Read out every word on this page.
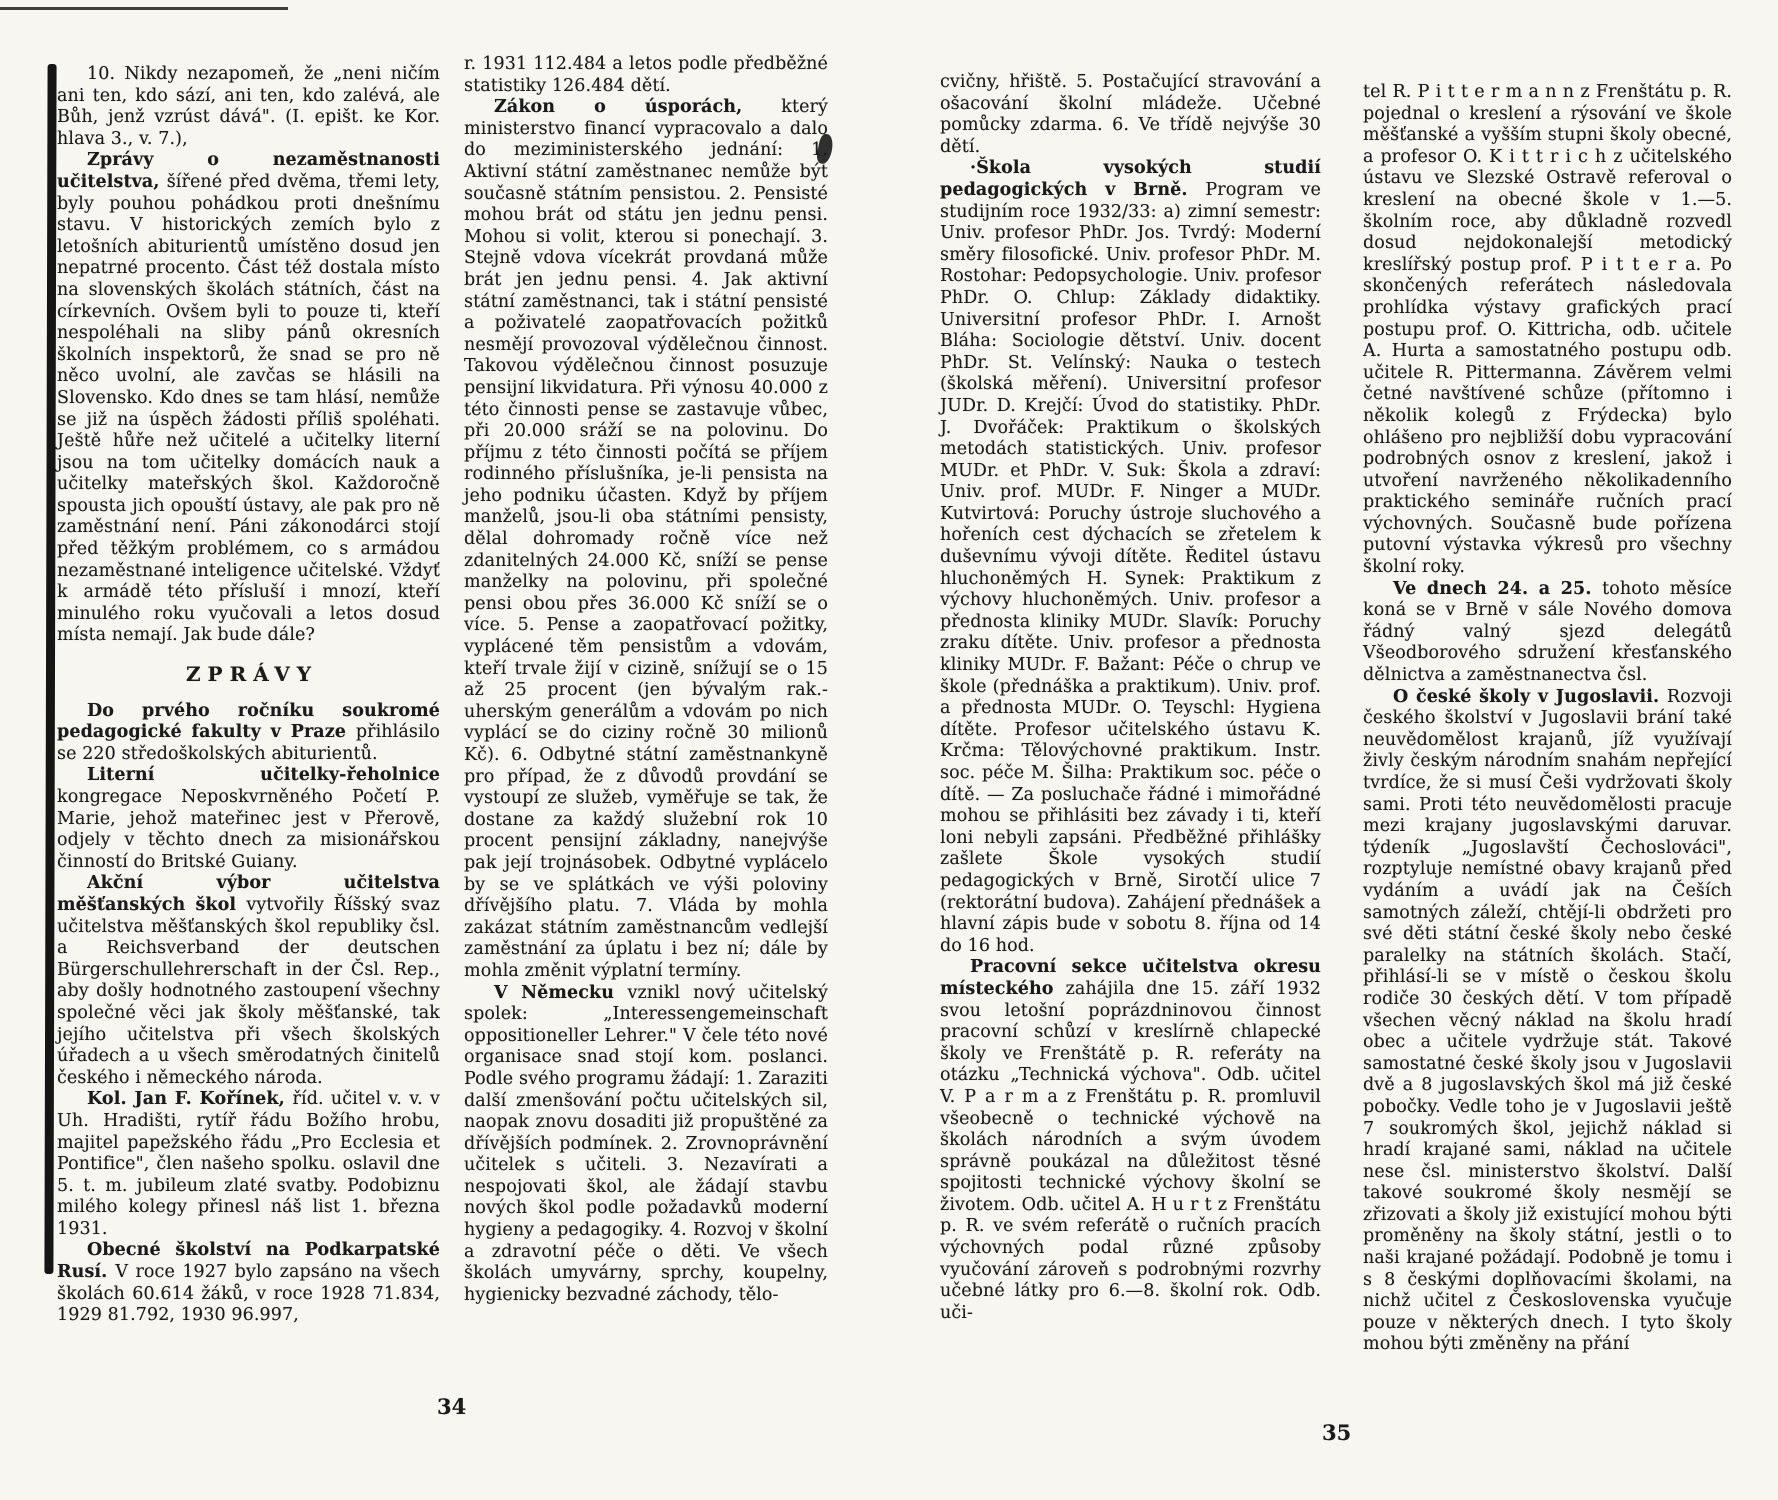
10. Nikdy nezapomeň, že „neni ničím ani ten, kdo sází, ani ten, kdo zalévá, ale Bůh, jenž vzrúst dává". (I. epišt. ke Kor. hlava 3., v. 7.),

Zprávy o nezaměstnanosti učitelstva, šířené před dvěma, třemi lety, byly pouhou pohádkou proti dnešnímu stavu. V historických zemích bylo z letošních abiturientů umístěno dosud jen nepatrné procento. Část též dostala místo na slovenských školách státních, část na církevních. Ovšem byli to pouze ti, kteří nespoléhali na sliby pánů okresních školních inspektorů, že snad se pro ně něco uvolní, ale zavčas se hlásili na Slovensko. Kdo dnes se tam hlásí, nemůže se již na úspěch žádosti příliš spoléhati. Ještě hůře než učitelé a učitelky literní jsou na tom učitelky domácích nauk a učitelky mateřských škol. Každoročně spousta jich opouští ústavy, ale pak pro ně zaměstnání není. Páni zákonodárci stojí před těžkým problémem, co s armádou nezaměstnané inteligence učitelské. Vždyť k armádě této přísluší i mnozí, kteří minulého roku vyučovali a letos dosud místa nemají. Jak bude dále?

ZPRÁVY

Do prvého ročníku soukromé pedagogické fakulty v Praze přihlásilo se 220 středoškolských abiturientů.

Literní učitelky-řeholnice kongregace Neposkvrněného Početí P. Marie, jehož mateřinec jest v Přerově, odjely v těchto dnech za misionářskou činností do Britské Guiany.

Akční výbor učitelstva měšťanských škol vytvořily Říšský svaz učitelstva měšťanských škol republiky čsl. a Reichsverband der deutschen Bürgerschullehrerschaft in der Čsl. Rep., aby došly hodnotného zastoupení všechny společné věci jak školy měšťanské, tak jejího učitelstva při všech školských úřadech a u všech směrodatných činitelů českého i německého národa.

Kol. Jan F. Kořínek, říd. učitel v. v. v Uh. Hradišti, rytíř řádu Božího hrobu, majitel papežského řádu „Pro Ecclesia et Pontifice", člen našeho spolku. oslavil dne 5. t. m. jubileum zlaté svatby. Podobiznu milého kolegy přinesl náš list 1. března 1931.

Obecné školství na Podkarpatské Rusí. V roce 1927 bylo zapsáno na všech školách 60.614 žáků, v roce 1928 71.834, 1929 81.792, 1930 96.997,

r. 1931 112.484 a letos podle předběžné statistiky 126.484 dětí.

Zákon o úsporách, který ministerstvo financí vypracovalo a dalo do meziministerského jednání: 1. Aktivní státní zaměstnanec nemůže být současně státním pensistou. 2. Pensisté mohou brát od státu jen jednu pensi. Mohou si volit, kterou si ponechají. 3. Stejně vdova vícekrát provdaná může brát jen jednu pensi. 4. Jak aktivní státní zaměstnanci, tak i státní pensisté a poživatelé zaopatřovacích požitků nesmějí provozoval výdělečnou činnost. Takovou výdělečnou činnost posuzuje pensijní likvidatura. Při výnosu 40.000 z této činnosti pense se zastavuje vůbec, při 20.000 sráží se na polovinu. Do příjmu z této činnosti počítá se příjem rodinného příslušníka, je-li pensista na jeho podniku účasten. Když by příjem manželů, jsou-li oba státními pensisty, dělal dohromady ročně více než zdanitelných 24.000 Kč, sníží se pense manželky na polovinu, při společné pensi obou přes 36.000 Kč sníží se o více. 5. Pense a zaopatřovací požitky, vyplácené těm pensistům a vdovám, kteří trvale žijí v cizině, snížují se o 15 až 25 procent (jen bývalým rak.-uherským generálům a vdovám po nich vyplácí se do ciziny ročně 30 milionů Kč). 6. Odbytné státní zaměstnankyně pro případ, že z důvodů provdání se vystoupí ze služeb, vyměřuje se tak, že dostane za každý služební rok 10 procent pensijní základny, nanejvýše pak její trojnásobek. Odbytné vyplácelo by se ve splátkách ve výši poloviny dřívějšího platu. 7. Vláda by mohla zakázat státním zaměstnancům vedlejší zaměstnání za úplatu i bez ní; dále by mohla změnit výplatní termíny.

V Německu vznikl nový učitelský spolek: „Interessengemeinschaft oppositioneller Lehrer." V čele této nové organisace snad stojí kom. poslanci. Podle svého programu žádají: 1. Zaraziti další zmenšování počtu učitelských sil, naopak znovu dosaditi již propuštěné za dřívějších podmínek. 2. Zrovnoprávnění učitelek s učiteli. 3. Nezavírati a nespojovati škol, ale žádají stavbu nových škol podle požadavků moderní hygieny a pedagogiky. 4. Rozvoj v školní a zdravotní péče o děti. Ve všech školách umyvárny, sprchy, koupelny, hygienicky bezvadné záchody, tělo-

cvičny, hřiště. 5. Postačující stravování a ošacování školní mládeže. Učebné pomůcky zdarma. 6. Ve třídě nejvýše 30 dětí.

·Škola vysokých studií pedagogických v Brně. Program ve studijním roce 1932/33: a) zimní semestr: Univ. profesor PhDr. Jos. Tvrdý: Moderní směry filosofické. Univ. profesor PhDr. M. Rostohar: Pedopsychologie. Univ. profesor PhDr. O. Chlup: Základy didaktiky. Universitní profesor PhDr. I. Arnošt Bláha: Sociologie dětství. Univ. docent PhDr. St. Velínský: Nauka o testech (školská měření). Universitní profesor JUDr. D. Krejčí: Úvod do statistiky. PhDr. J. Dvořáček: Praktikum o školských metodách statistických. Univ. profesor MUDr. et PhDr. V. Suk: Škola a zdraví: Univ. prof. MUDr. F. Ninger a MUDr. Kutvirtová: Poruchy ústroje sluchového a hořeních cest dýchacích se zřetelem k duševnímu vývoji dítěte. Ředitel ústavu hluchoněmých H. Synek: Praktikum z výchovy hluchoněmých. Univ. profesor a přednosta kliniky MUDr. Slavík: Poruchy zraku dítěte. Univ. profesor a přednosta kliniky MUDr. F. Bažant: Péče o chrup ve škole (přednáška a praktikum). Univ. prof. a přednosta MUDr. O. Teyschl: Hygiena dítěte. Profesor učitelského ústavu K. Krčma: Tělovýchovné praktikum. Instr. soc. péče M. Šilha: Praktikum soc. péče o dítě. — Za posluchače řádné i mimořádné mohou se přihlásiti bez závady i ti, kteří loni nebyli zapsáni. Předběžné přihlášky zašlete Škole vysokých studií pedagogických v Brně, Sirotčí ulice 7 (rektorátní budova). Zahájení přednášek a hlavní zápis bude v sobotu 8. října od 14 do 16 hod.

Pracovní sekce učitelstva okresu místeckého zahájila dne 15. září 1932 svou letošní poprázdninovou činnost pracovní schůzí v kreslírně chlapecké školy ve Frenštátě p. R. referáty na otázku „Technická výchova". Odb. učitel V. P a r m a z Frenštátu p. R. promluvil všeobecně o technické výchově na školách národních a svým úvodem správně poukázal na důležitost těsné spojitosti technické výchovy školní se životem. Odb. učitel A. H u r t z Frenštátu p. R. ve svém referátě o ručních pracích výchovných podal různé způsoby vyučování zároveň s podrobnými rozvrhy učebné látky pro 6.—8. školní rok. Odb. uči-

tel R. P i t t e r m a n n z Frenštátu p. R. pojednal o kreslení a rýsování ve škole měšťanské a vyšším stupni školy obecné, a profesor O. K i t t r i c h z učitelského ústavu ve Slezské Ostravě referoval o kreslení na obecné škole v 1.—5. školním roce, aby důkladně rozvedl dosud nejdokonalejší metodický kreslířský postup prof. P i t t e r a. Po skončených referátech následovala prohlídka výstavy grafických prací postupu prof. O. Kittricha, odb. učitele A. Hurta a samostatného postupu odb. učitele R. Pittermanna. Závěrem velmi četné navštívené schůze (přítomno i několik kolegů z Frýdecka) bylo ohlášeno pro nejbližší dobu vypracování podrobných osnov z kreslení, jakož i utvoření navrženého několikadenního praktického semináře ručních prací výchovných. Současně bude pořízena putovní výstavka výkresů pro všechny školní roky.

Ve dnech 24. a 25. tohoto měsíce koná se v Brně v sále Nového domova řádný valný sjezd delegátů Všeodborového sdružení křesťanského dělnictva a zaměstnanectva čsl.

O české školy v Jugoslavii. Rozvoji českého školství v Jugoslavii brání také neuvědomělost krajanů, jíž využívají živly českým národním snahám nepřející tvrdíce, že si musí Češi vydržovati školy sami. Proti této neuvědomělosti pracuje mezi krajany jugoslavskými daruvar. týdeník „Jugoslavští Čechoslováci", rozptyluje nemístné obavy krajanů před vydáním a uvádí jak na Češích samotných záleží, chtějí-li obdržeti pro své děti státní české školy nebo české paralelky na státních školách. Stačí, přihlásí-li se v místě o českou školu rodiče 30 českých dětí. V tom případě všechen věcný náklad na školu hradí obec a učitele vydržuje stát. Takové samostatné české školy jsou v Jugoslavii dvě a 8 jugoslavských škol má již české pobočky. Vedle toho je v Jugoslavii ještě 7 soukromých škol, jejichž náklad si hradí krajané sami, náklad na učitele nese čsl. ministerstvo školství. Další takové soukromé školy nesmějí se zřizovati a školy již existující mohou býti proměněny na školy státní, jestli o to naši krajané požádají. Podobně je tomu i s 8 českými doplňovacími školami, na nichž učitel z Československa vyučuje pouze v některých dnech. I tyto školy mohou býti změněny na přání

34
35
